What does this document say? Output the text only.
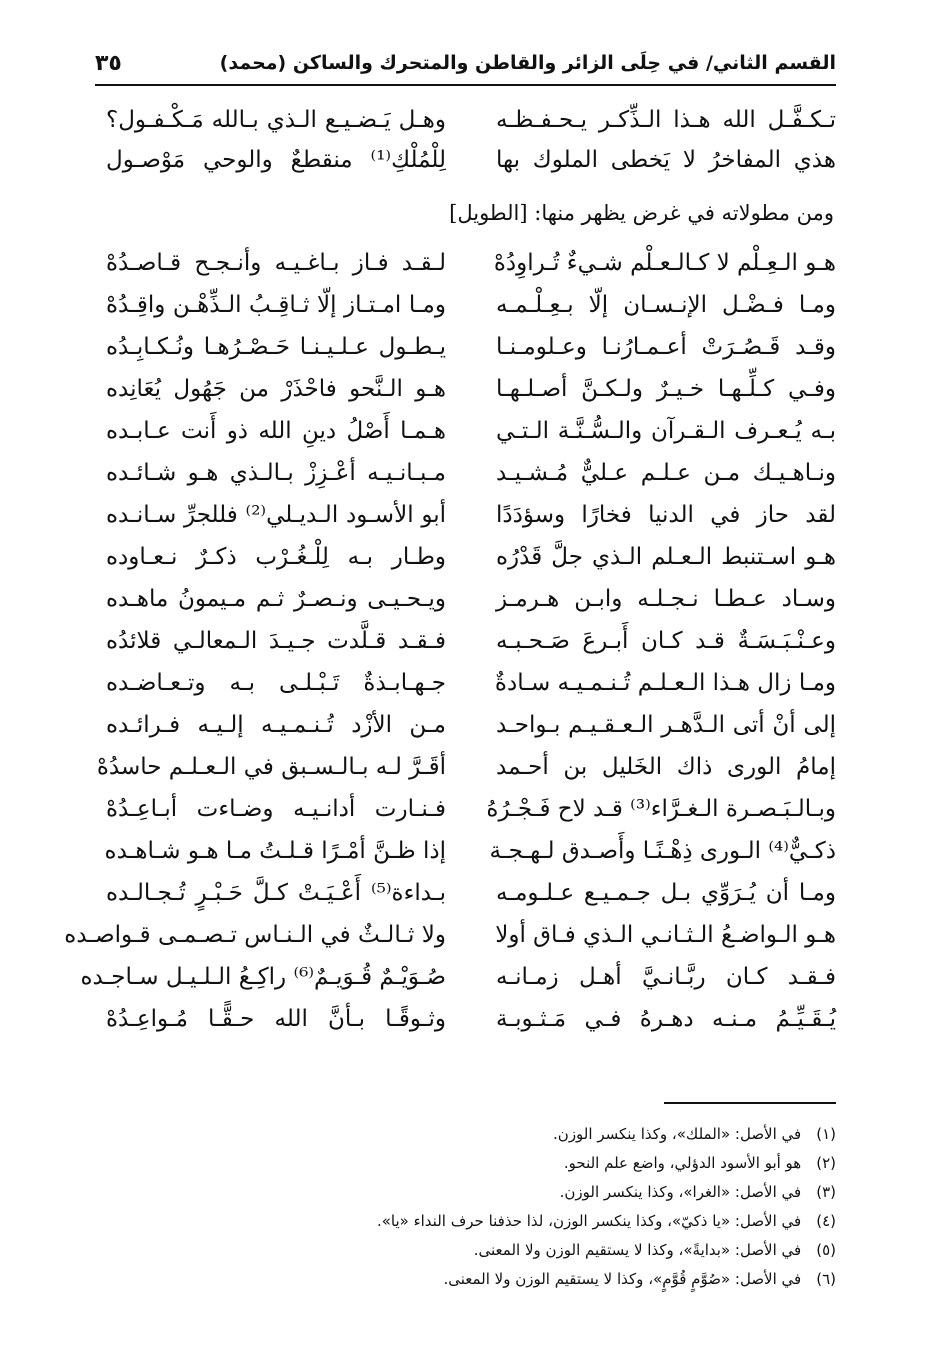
القسم الثاني/ في حِلَى الزائر والقاطن والمتحرك والساكن (محمد)
٣٥
تـكـفَّـل الله هـذا الـذِّكـر يـحـفـظـه
وهـل يَـضـيـع الـذي بـالله مَـكْـفـول؟
هذي المفاخرُ لا يَخطى الملوك بها
لِلْمُلْكِ⁽¹⁾ منقطعٌ والوحي مَوْصـول
ومن مطولاته في غرض يظهر منها: [الطويل]
هـو الـعِـلْم لا كـالـعـلْم شـيءٌ تُـراوِدُهْ
لـقـد فـاز بـاغـيـه وأنـجـح قـاصـدُهْ
ومـا فـضْـل الإنـسـان إلّا بـعِـلْـمـه
ومـا امـتـاز إلّا ثـاقِـبُ الـذِّهْـن واقِـدُهْ
وقـد قَـصُـرَتْ أعـمـارُنـا وعـلومـنـا
يـطـول عـلـيـنـا حَـصْـرُهـا ونُـكـابِـدُه
وفـي كـلِّـهـا خـيـرٌ ولـكـنَّ أصـلـهـا
هـو الـنَّحو فاحْذَرْ من جَهُول يُعَانِده
بـه يُـعـرف الـقـرآن والـسُّـنَّـة الـتـي
هـمـا أَصْلُ دينِ الله ذو أَنت عـابـده
ونـاهـيـك مـن عـلـم عـليٌّ مُـشـيـد
مـبـانـيـه أعْـزِزْ بـالـذي هـو شـائـده
لقد حاز في الدنيا فخارًا وسؤدَدًا
أبو الأسـود الـديـلي⁽²⁾ فللجرِّ سـانـده
هـو اسـتنبط الـعـلم الـذي جلَّ قَدْرُه
وطـار بـه لِلْـغُـرْب ذكـرٌ نـعـاوده
وسـاد عـطـا نـجـلـه وابـن هـرمـز
ويـحـيـى ونـصـرٌ ثـم مـيمونُ ماهـده
وعـنْـبَـسَـةٌ قـد كـان أَبـرعَ صَـحـبـه
فـقـد قـلَّدت جـيـدَ الـمعالـي قلائدُه
ومـا زال هـذا الـعـلـم تُـنـمـيـه سـادةٌ
جـهـابـذةٌ تَـبْـلـى بـه وتـعـاضـده
إلى أنْ أتى الـدَّهـر الـعـقـيـم بـواحـد
مـن الأزْد تُـنـمـيـه إلـيـه فـرائـده
إمامُ الورى ذاك الخَليل بن أحـمد
أقَـرَّ لـه بـالـسـبق في الـعـلـم حاسدُهْ
وبـالـبَـصـرة الـغـرَّاء⁽³⁾ قـد لاح فَـجْـرُهُ
فـنـارت أدانـيـه وضـاءت أبـاعِـدُهْ
ذكـيٌّ⁽⁴⁾ الـورى ذِهْـنًـا وأَصـدق لـهـجـة
إذا ظـنَّ أمْـرًا قـلـتُ مـا هـو شـاهـده
ومـا أن يُـرَوِّي بـل جـمـيـع عـلـومـه
بـداءة⁽⁵⁾ أَعْـيَـتْ كـلَّ حَـبْـرٍ تُـجـالـده
هـو الـواضـعُ الـثـانـي الـذي فـاق أولا
ولا ثـالـثٌ في الـنـاس تـصـمـى قـواصـده
فـقـد كـان ربَّـانـيَّ أهـل زمـانـه
صُـوَيْـمٌ قُـوَيـمٌ⁽⁶⁾ راكِـعُ الـلـيـل سـاجـده
يُـقَـيِّـمُ مـنـه دهـرهُ فـي مَـثـوبـة
وثـوقًـا بـأنَّ الله حـقًّـا مُـواعِـدُهْ
(١) في الأصل: «الملك»، وكذا ينكسر الوزن.
(٢) هو أبو الأسود الدؤلي، واضع علم النحو.
(٣) في الأصل: «الغرا»، وكذا ينكسر الوزن.
(٤) في الأصل: «يا ذكيّ»، وكذا ينكسر الوزن، لذا حذفنا حرف النداء «يا».
(٥) في الأصل: «بدايةً»، وكذا لا يستقيم الوزن ولا المعنى.
(٦) في الأصل: «صُوَّمٍ قُوَّمٍ»، وكذا لا يستقيم الوزن ولا المعنى.
